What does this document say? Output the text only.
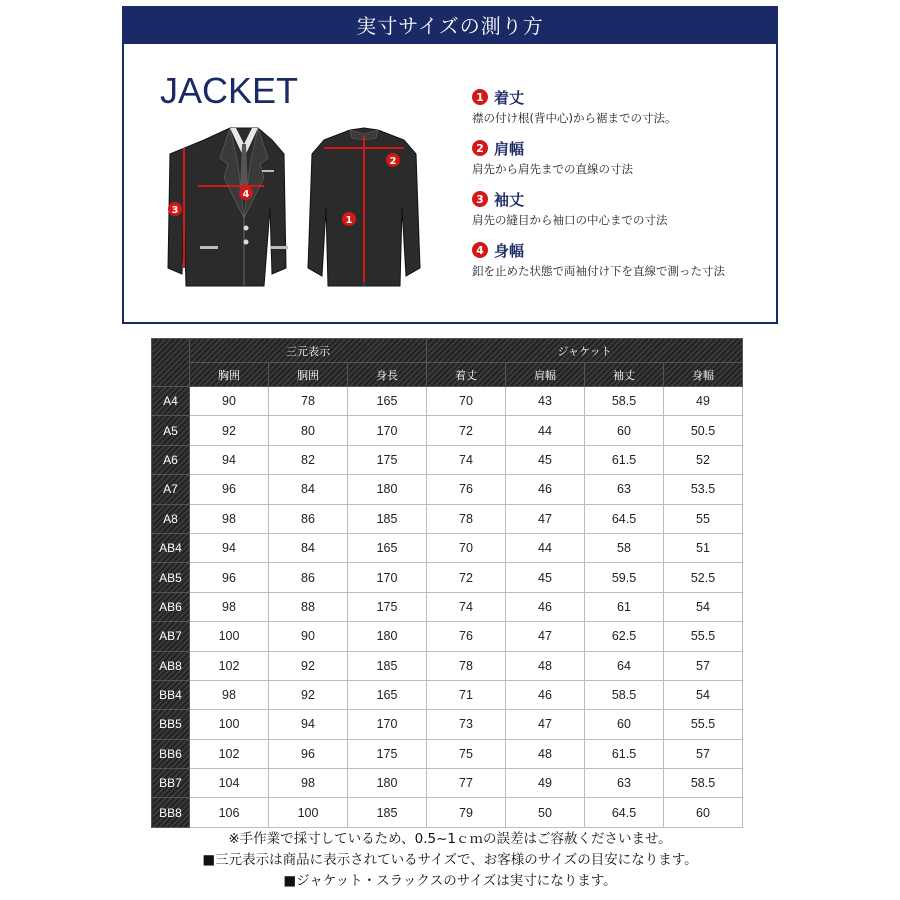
実寸サイズの測り方
JACKET
4
3
1
2
1 着丈
襟の付け根(背中心)から裾までの寸法。
2 肩幅
肩先から肩先までの直線の寸法
3 袖丈
肩先の縫目から袖口の中心までの寸法
4 身幅
釦を止めた状態で両袖付け下を直線で測った寸法
	三元表示			ジャケット			
	胸囲	胴囲	身長	着丈	肩幅	袖丈	身幅
A4	90	78	165	70	43	58.5	49
A5	92	80	170	72	44	60	50.5
A6	94	82	175	74	45	61.5	52
A7	96	84	180	76	46	63	53.5
A8	98	86	185	78	47	64.5	55
AB4	94	84	165	70	44	58	51
AB5	96	86	170	72	45	59.5	52.5
AB6	98	88	175	74	46	61	54
AB7	100	90	180	76	47	62.5	55.5
AB8	102	92	185	78	48	64	57
BB4	98	92	165	71	46	58.5	54
BB5	100	94	170	73	47	60	55.5
BB6	102	96	175	75	48	61.5	57
BB7	104	98	180	77	49	63	58.5
BB8	106	100	185	79	50	64.5	60
※手作業で採寸しているため、0.5~1ｃｍの誤差はご容赦くださいませ。
■三元表示は商品に表示されているサイズで、お客様のサイズの目安になります。
■ジャケット・スラックスのサイズは実寸になります。
